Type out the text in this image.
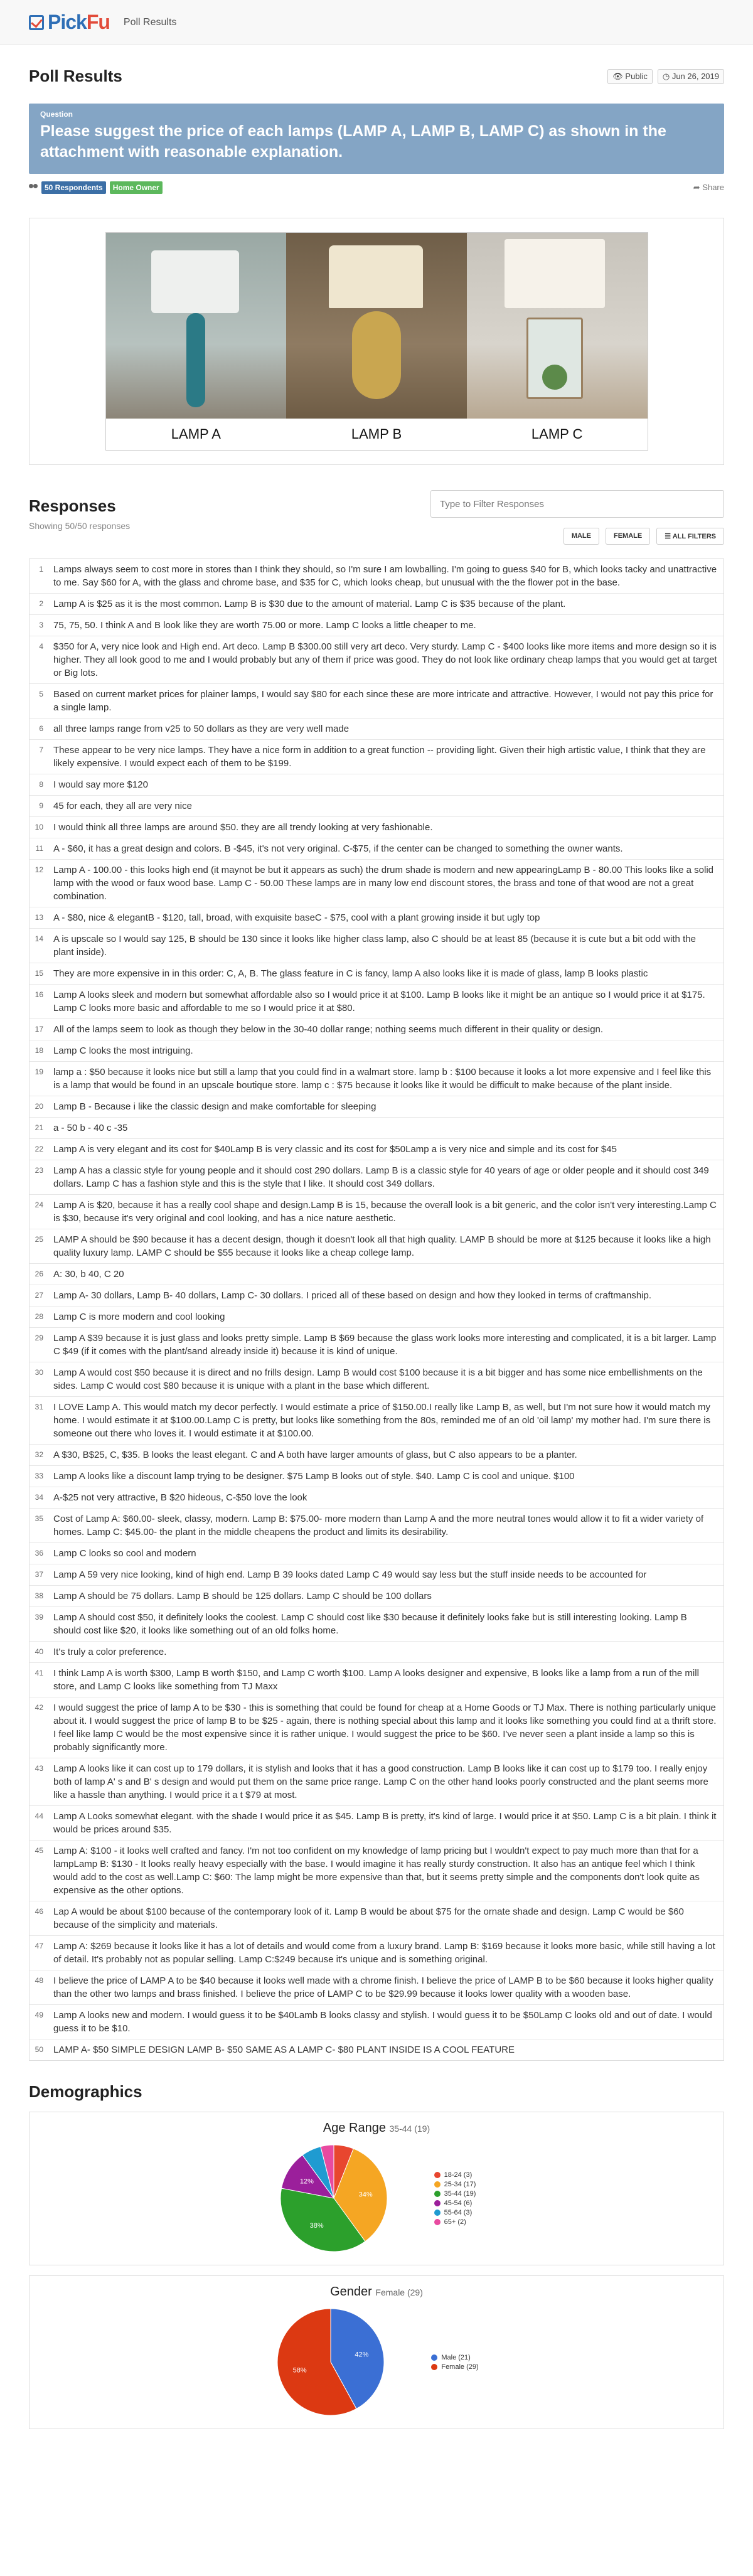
PickFu Poll Results
Poll Results	👁 Public	◷ Jun 26, 2019
Question
Please suggest the price of each lamps (LAMP A, LAMP B, LAMP C) as shown in the attachment with reasonable explanation.
50 Respondents	Home Owner	➦ Share
LAMP A	LAMP B	LAMP C
Responses
Showing 50/50 responses
Type to Filter Responses
MALE	FEMALE	☰ ALL FILTERS
1	Lamps always seem to cost more in stores than I think they should, so I'm sure I am lowballing. I'm going to guess $40 for B, which looks tacky and unattractive to me. Say $60 for A, with the glass and chrome base, and $35 for C, which looks cheap, but unusual with the the flower pot in the base.
2	Lamp A is $25 as it is the most common. Lamp B is $30 due to the amount of material. Lamp C is $35 because of the plant.
3	75, 75, 50. I think A and B look like they are worth 75.00 or more. Lamp C looks a little cheaper to me.
4	$350 for A, very nice look and High end. Art deco. Lamp B $300.00 still very art deco. Very sturdy. Lamp C - $400 looks like more items and more design so it is higher. They all look good to me and I would probably but any of them if price was good. They do not look like ordinary cheap lamps that you would get at target or Big lots.
5	Based on current market prices for plainer lamps, I would say $80 for each since these are more intricate and attractive. However, I would not pay this price for a single lamp.
6	all three lamps range from v25 to 50 dollars as they are very well made
7	These appear to be very nice lamps. They have a nice form in addition to a great function -- providing light. Given their high artistic value, I think that they are likely expensive. I would expect each of them to be $199.
8	I would say more $120
9	45 for each, they all are very nice
10	I would think all three lamps are around $50. they are all trendy looking at very fashionable.
11	A - $60, it has a great design and colors. B -$45, it's not very original. C-$75, if the center can be changed to something the owner wants.
12	Lamp A - 100.00 - this looks high end (it maynot be but it appears as such) the drum shade is modern and new appearingLamp B - 80.00 This looks like a solid lamp with the wood or faux wood base. Lamp C - 50.00 These lamps are in many low end discount stores, the brass and tone of that wood are not a great combination.
13	A - $80, nice & elegantB - $120, tall, broad, with exquisite baseC - $75, cool with a plant growing inside it but ugly top
14	A is upscale so I would say 125, B should be 130 since it looks like higher class lamp, also C should be at least 85 (because it is cute but a bit odd with the plant inside).
15	They are more expensive in in this order: C, A, B. The glass feature in C is fancy, lamp A also looks like it is made of glass, lamp B looks plastic
16	Lamp A looks sleek and modern but somewhat affordable also so I would price it at $100. Lamp B looks like it might be an antique so I would price it at $175. Lamp C looks more basic and affordable to me so I would price it at $80.
17	All of the lamps seem to look as though they below in the 30-40 dollar range; nothing seems much different in their quality or design.
18	Lamp C looks the most intriguing.
19	lamp a : $50 because it looks nice but still a lamp that you could find in a walmart store. lamp b : $100 because it looks a lot more expensive and I feel like this is a lamp that would be found in an upscale boutique store. lamp c : $75 because it looks like it would be difficult to make because of the plant inside.
20	Lamp B - Because i like the classic design and make comfortable for sleeping
21	a - 50 b - 40 c -35
22	Lamp A is very elegant and its cost for $40Lamp B is very classic and its cost for $50Lamp a is very nice and simple and its cost for $45
23	Lamp A has a classic style for young people and it should cost 290 dollars. Lamp B is a classic style for 40 years of age or older people and it should cost 349 dollars. Lamp C has a fashion style and this is the style that I like. It should cost 349 dollars.
24	Lamp A is $20, because it has a really cool shape and design.Lamp B is 15, because the overall look is a bit generic, and the color isn't very interesting.Lamp C is $30, because it's very original and cool looking, and has a nice nature aesthetic.
25	LAMP A should be $90 because it has a decent design, though it doesn't look all that high quality. LAMP B should be more at $125 because it looks like a high quality luxury lamp. LAMP C should be $55 because it looks like a cheap college lamp.
26	A: 30, b 40, C 20
27	Lamp A- 30 dollars, Lamp B- 40 dollars, Lamp C- 30 dollars. I priced all of these based on design and how they looked in terms of craftmanship.
28	Lamp C is more modern and cool looking
29	Lamp A $39 because it is just glass and looks pretty simple. Lamp B $69 because the glass work looks more interesting and complicated, it is a bit larger. Lamp C $49 (if it comes with the plant/sand already inside it) because it is kind of unique.
30	Lamp A would cost $50 because it is direct and no frills design. Lamp B would cost $100 because it is a bit bigger and has some nice embellishments on the sides. Lamp C would cost $80 because it is unique with a plant in the base which different.
31	I LOVE Lamp A. This would match my decor perfectly. I would estimate a price of $150.00.I really like Lamp B, as well, but I'm not sure how it would match my home. I would estimate it at $100.00.Lamp C is pretty, but looks like something from the 80s, reminded me of an old 'oil lamp' my mother had. I'm sure there is someone out there who loves it. I would estimate it at $100.00.
32	A $30, B$25, C, $35. B looks the least elegant. C and A both have larger amounts of glass, but C also appears to be a planter.
33	Lamp A looks like a discount lamp trying to be designer. $75 Lamp B looks out of style. $40. Lamp C is cool and unique. $100
34	A-$25 not very attractive, B $20 hideous, C-$50 love the look
35	Cost of Lamp A: $60.00- sleek, classy, modern. Lamp B: $75.00- more modern than Lamp A and the more neutral tones would allow it to fit a wider variety of homes. Lamp C: $45.00- the plant in the middle cheapens the product and limits its desirability.
36	Lamp C looks so cool and modern
37	Lamp A 59 very nice looking, kind of high end. Lamp B 39 looks dated Lamp C 49 would say less but the stuff inside needs to be accounted for
38	Lamp A should be 75 dollars. Lamp B should be 125 dollars. Lamp C should be 100 dollars
39	Lamp A should cost $50, it definitely looks the coolest. Lamp C should cost like $30 because it definitely looks fake but is still interesting looking. Lamp B should cost like $20, it looks like something out of an old folks home.
40	It's truly a color preference.
41	I think Lamp A is worth $300, Lamp B worth $150, and Lamp C worth $100. Lamp A looks designer and expensive, B looks like a lamp from a run of the mill store, and Lamp C looks like something from TJ Maxx
42	I would suggest the price of lamp A to be $30 - this is something that could be found for cheap at a Home Goods or TJ Max. There is nothing particularly unique about it. I would suggest the price of lamp B to be $25 - again, there is nothing special about this lamp and it looks like something you could find at a thrift store. I feel like lamp C would be the most expensive since it is rather unique. I would suggest the price to be $60. I've never seen a plant inside a lamp so this is probably significantly more.
43	Lamp A looks like it can cost up to 179 dollars, it is stylish and looks that it has a good construction. Lamp B looks like it can cost up to $179 too. I really enjoy both of lamp A' s and B' s design and would put them on the same price range. Lamp C on the other hand looks poorly constructed and the plant seems more like a hassle than anything. I would price it a t $79 at most.
44	Lamp A Looks somewhat elegant. with the shade I would price it as $45. Lamp B is pretty, it's kind of large. I would price it at $50. Lamp C is a bit plain. I think it would be prices around $35.
45	Lamp A: $100 - it looks well crafted and fancy. I'm not too confident on my knowledge of lamp pricing but I wouldn't expect to pay much more than that for a lampLamp B: $130 - It looks really heavy especially with the base. I would imagine it has really sturdy construction. It also has an antique feel which I think would add to the cost as well.Lamp C: $60: The lamp might be more expensive than that, but it seems pretty simple and the components don't look quite as expensive as the other options.
46	Lap A would be about $100 because of the contemporary look of it. Lamp B would be about $75 for the ornate shade and design. Lamp C would be $60 because of the simplicity and materials.
47	Lamp A: $269 because it looks like it has a lot of details and would come from a luxury brand. Lamp B: $169 because it looks more basic, while still having a lot of detail. It's probably not as popular selling. Lamp C:$249 because it's unique and is something original.
48	I believe the price of LAMP A to be $40 because it looks well made with a chrome finish. I believe the price of LAMP B to be $60 because it looks higher quality than the other two lamps and brass finished. I believe the price of LAMP C to be $29.99 because it looks lower quality with a wooden base.
49	Lamp A looks new and modern. I would guess it to be $40Lamb B looks classy and stylish. I would guess it to be $50Lamp C looks old and out of date. I would guess it to be $10.
50	LAMP A- $50 SIMPLE DESIGN LAMP B- $50 SAME AS A LAMP C- $80 PLANT INSIDE IS A COOL FEATURE
Demographics
Age Range 35-44 (19)
34%
38%
12%
18-24 (3)
25-34 (17)
35-44 (19)
45-54 (6)
55-64 (3)
65+ (2)
Gender Female (29)
42%
58%
Male (21)
Female (29)
